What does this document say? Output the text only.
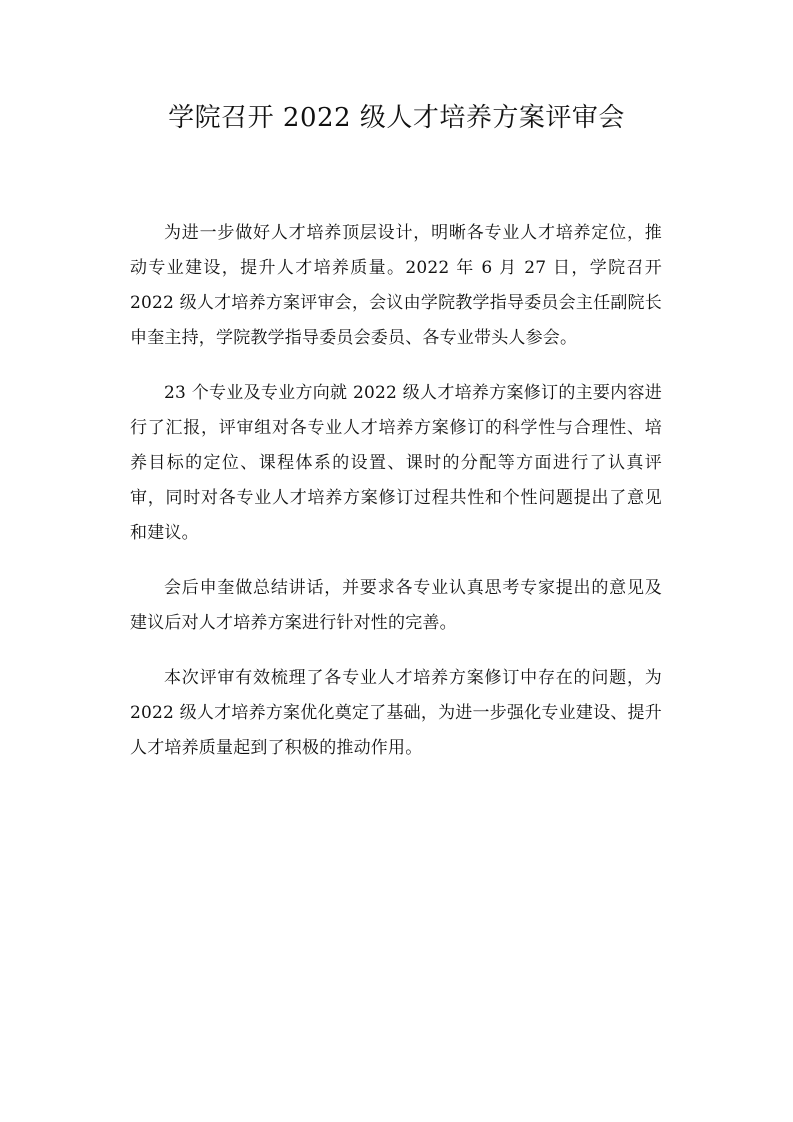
学院召开 2022 级人才培养方案评审会

为进一步做好人才培养顶层设计，明晰各专业人才培养定位，推动专业建设，提升人才培养质量。2022 年 6 月 27 日，学院召开 2022 级人才培养方案评审会，会议由学院教学指导委员会主任副院长申奎主持，学院教学指导委员会委员、各专业带头人参会。

23 个专业及专业方向就 2022 级人才培养方案修订的主要内容进行了汇报，评审组对各专业人才培养方案修订的科学性与合理性、培养目标的定位、课程体系的设置、课时的分配等方面进行了认真评审，同时对各专业人才培养方案修订过程共性和个性问题提出了意见和建议。

会后申奎做总结讲话，并要求各专业认真思考专家提出的意见及建议后对人才培养方案进行针对性的完善。

本次评审有效梳理了各专业人才培养方案修订中存在的问题，为 2022 级人才培养方案优化奠定了基础，为进一步强化专业建设、提升人才培养质量起到了积极的推动作用。
